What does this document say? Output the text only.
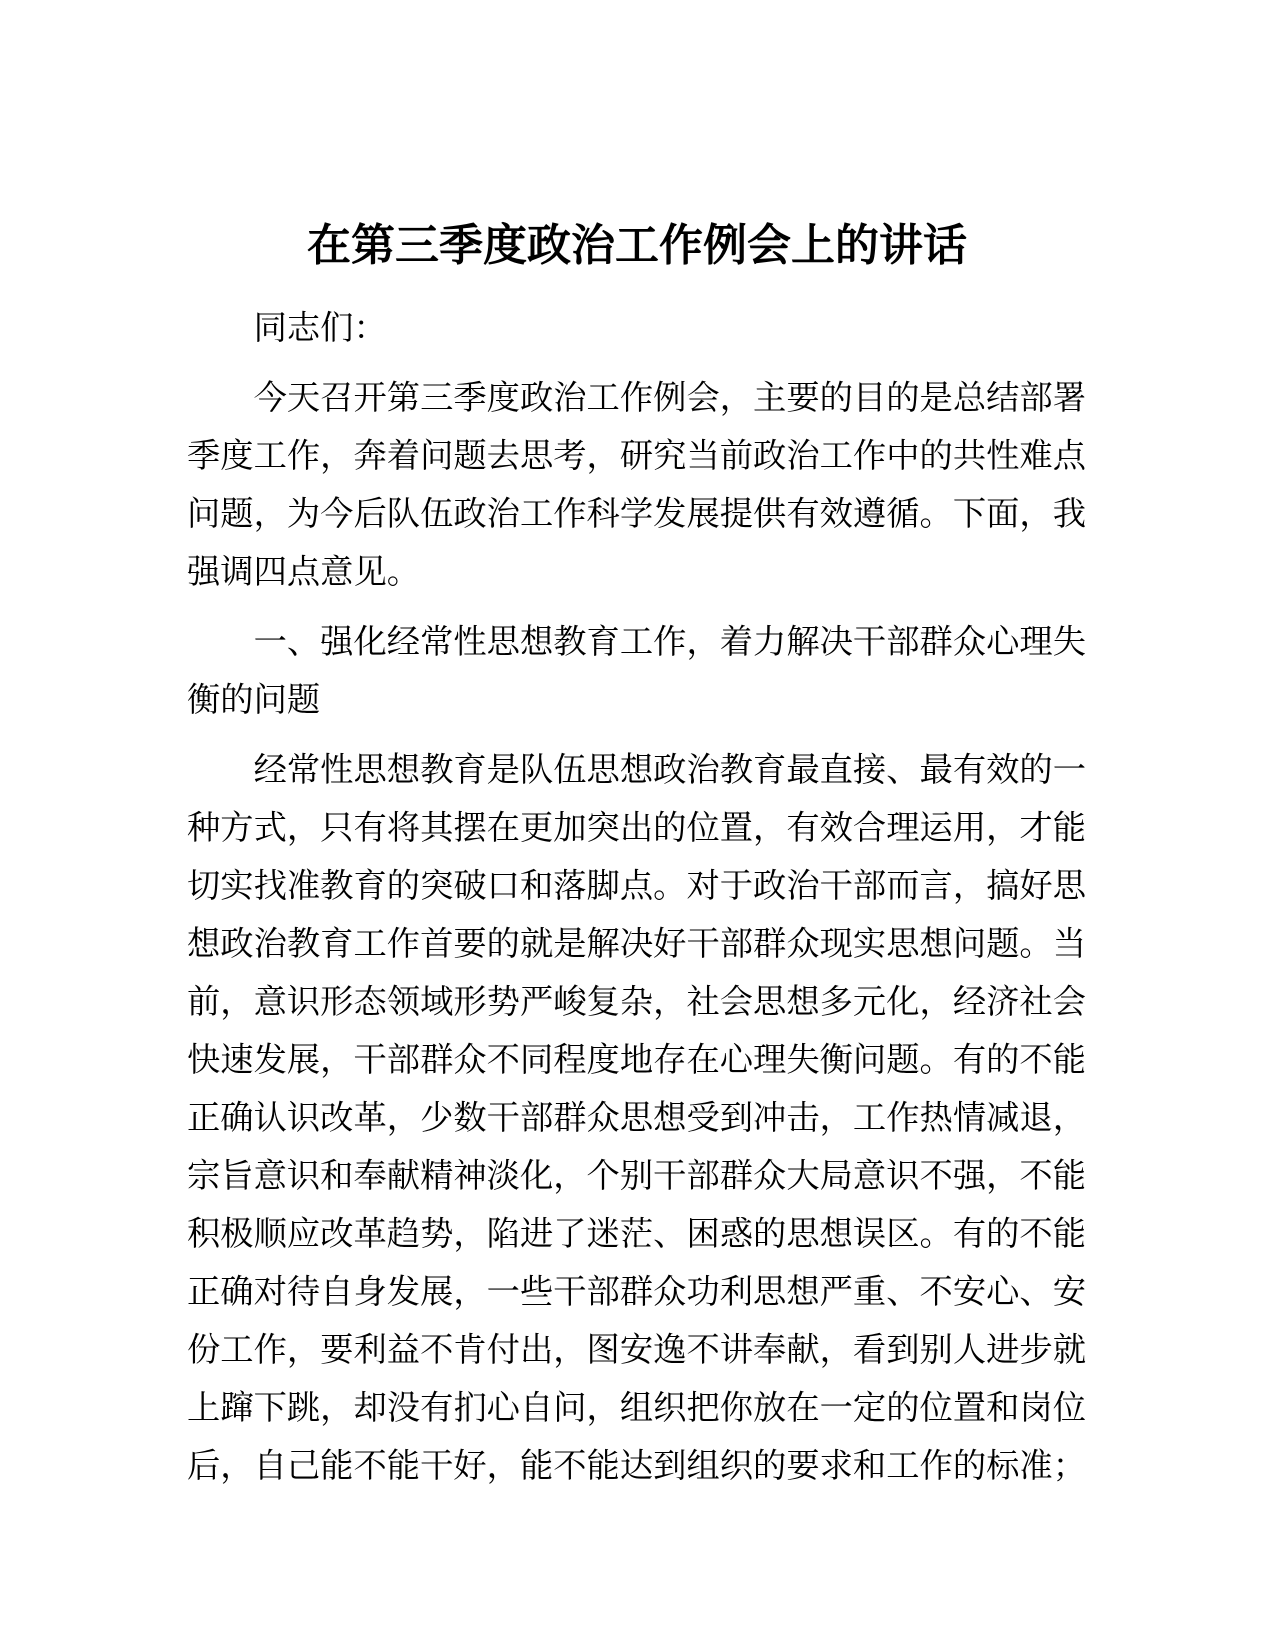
在第三季度政治工作例会上的讲话
同志们：
今天召开第三季度政治工作例会，主要的目的是总结部署
季度工作，奔着问题去思考，研究当前政治工作中的共性难点
问题，为今后队伍政治工作科学发展提供有效遵循。下面，我
强调四点意见。
一、强化经常性思想教育工作，着力解决干部群众心理失
衡的问题
经常性思想教育是队伍思想政治教育最直接、最有效的一
种方式，只有将其摆在更加突出的位置，有效合理运用，才能
切实找准教育的突破口和落脚点。对于政治干部而言，搞好思
想政治教育工作首要的就是解决好干部群众现实思想问题。当
前，意识形态领域形势严峻复杂，社会思想多元化，经济社会
快速发展，干部群众不同程度地存在心理失衡问题。有的不能
正确认识改革，少数干部群众思想受到冲击，工作热情减退，
宗旨意识和奉献精神淡化，个别干部群众大局意识不强，不能
积极顺应改革趋势，陷进了迷茫、困惑的思想误区。有的不能
正确对待自身发展，一些干部群众功利思想严重、不安心、安
份工作，要利益不肯付出，图安逸不讲奉献，看到别人进步就
上蹿下跳，却没有扪心自问，组织把你放在一定的位置和岗位
后，自己能不能干好，能不能达到组织的要求和工作的标准；
